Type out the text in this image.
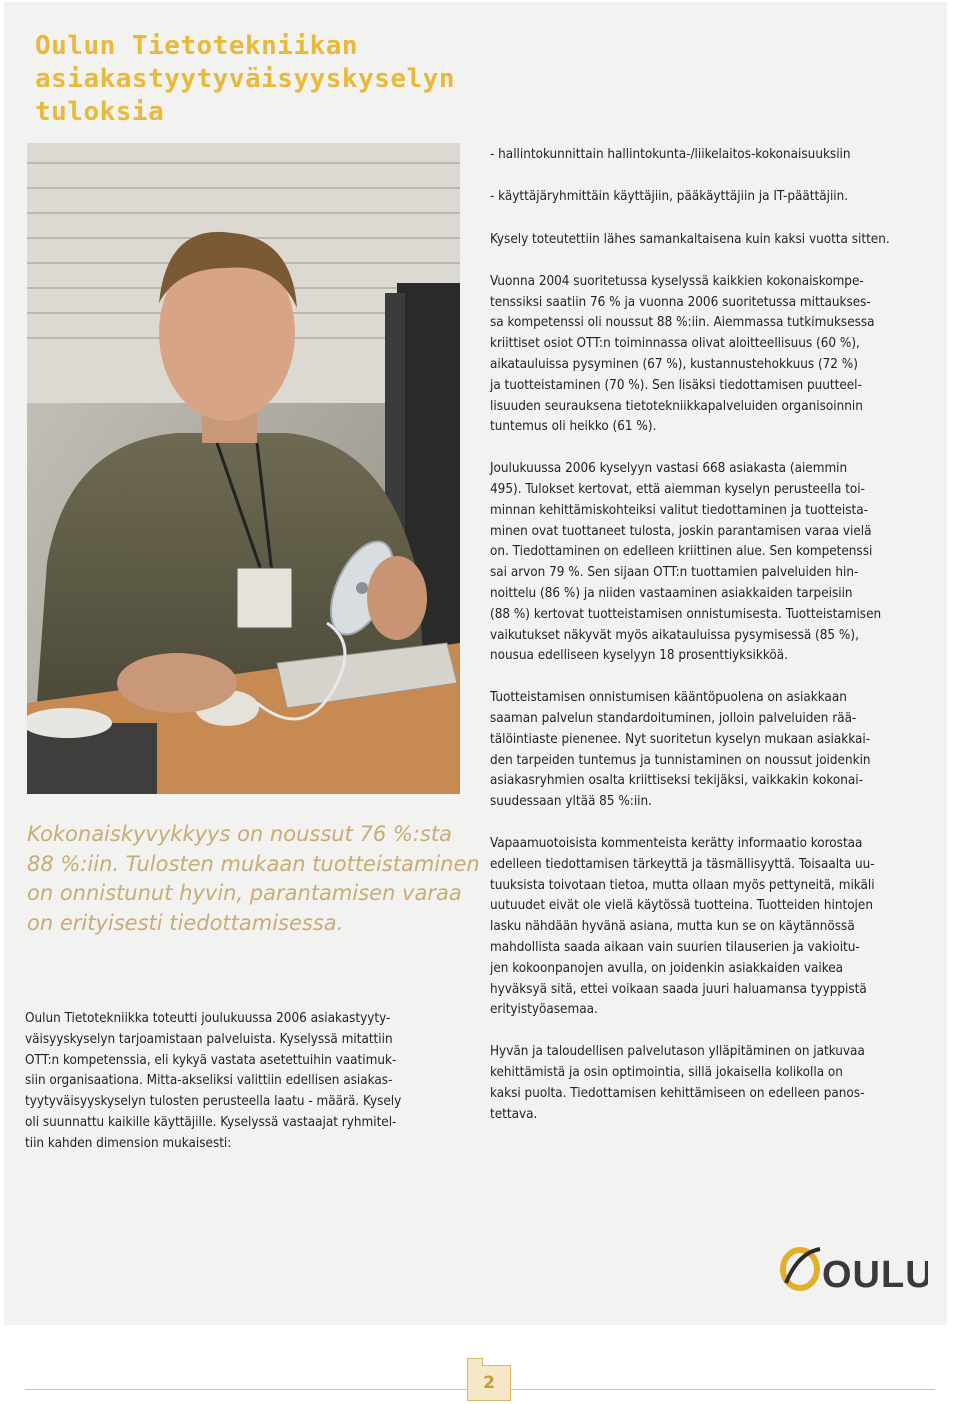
Oulun Tietotekniikan
asiakastyytyväisyyskyselyn
tuloksia
Kokonaiskyvykkyys on noussut 76 %:sta
88 %:iin. Tulosten mukaan tuotteistaminen
on onnistunut hyvin, parantamisen varaa
on erityisesti tiedottamisessa.
Oulun Tietotekniikka toteutti joulukuussa 2006 asiakastyyty-
väisyyskyselyn tarjoamistaan palveluista. Kyselyssä mitattiin
OTT:n kompetenssia, eli kykyä vastata asetettuihin vaatimuk-
siin organisaationa. Mitta-akseliksi valittiin edellisen asiakas-
tyytyväisyyskyselyn tulosten perusteella laatu - määrä. Kysely
oli suunnattu kaikille käyttäjille. Kyselyssä vastaajat ryhmitel-
tiin kahden dimension mukaisesti:
- hallintokunnittain hallintokunta-/liikelaitos-kokonaisuuksiin
- käyttäjäryhmittäin käyttäjiin, pääkäyttäjiin ja IT-päättäjiin.
Kysely toteutettiin lähes samankaltaisena kuin kaksi vuotta sitten.
Vuonna 2004 suoritetussa kyselyssä kaikkien kokonaiskompe-
tenssiksi saatiin 76 % ja vuonna 2006 suoritetussa mittaukses-
sa kompetenssi oli noussut 88 %:iin. Aiemmassa tutkimuksessa
kriittiset osiot OTT:n toiminnassa olivat aloitteellisuus (60 %),
aikatauluissa pysyminen (67 %), kustannustehokkuus (72 %)
ja tuotteistaminen (70 %). Sen lisäksi tiedottamisen puutteel-
lisuuden seurauksena tietotekniikkapalveluiden organisoinnin
tuntemus oli heikko (61 %).
Joulukuussa 2006 kyselyyn vastasi 668 asiakasta (aiemmin
495). Tulokset kertovat, että aiemman kyselyn perusteella toi-
minnan kehittämiskohteiksi valitut tiedottaminen ja tuotteista-
minen ovat tuottaneet tulosta, joskin parantamisen varaa vielä
on. Tiedottaminen on edelleen kriittinen alue. Sen kompetenssi
sai arvon 79 %. Sen sijaan OTT:n tuottamien palveluiden hin-
noittelu (86 %) ja niiden vastaaminen asiakkaiden tarpeisiin
(88 %) kertovat tuotteistamisen onnistumisesta. Tuotteistamisen
vaikutukset näkyvät myös aikatauluissa pysymisessä (85 %),
nousua edelliseen kyselyyn 18 prosenttiyksikköä.
Tuotteistamisen onnistumisen kääntöpuolena on asiakkaan
saaman palvelun standardoituminen, jolloin palveluiden rää-
tälöintiaste pienenee. Nyt suoritetun kyselyn mukaan asiakkai-
den tarpeiden tuntemus ja tunnistaminen on noussut joidenkin
asiakasryhmien osalta kriittiseksi tekijäksi, vaikkakin kokonai-
suudessaan yltää 85 %:iin.
Vapaamuotoisista kommenteista kerätty informaatio korostaa
edelleen tiedottamisen tärkeyttä ja täsmällisyyttä. Toisaalta uu-
tuuksista toivotaan tietoa, mutta ollaan myös pettyneitä, mikäli
uutuudet eivät ole vielä käytössä tuotteina. Tuotteiden hintojen
lasku nähdään hyvänä asiana, mutta kun se on käytännössä
mahdollista saada aikaan vain suurien tilauserien ja vakioitu-
jen kokoonpanojen avulla, on joidenkin asiakkaiden vaikea
hyväksyä sitä, ettei voikaan saada juuri haluamansa tyyppistä
erityistyöasemaa.
Hyvän ja taloudellisen palvelutason ylläpitäminen on jatkuvaa
kehittämistä ja osin optimointia, sillä jokaisella kolikolla on
kaksi puolta. Tiedottamisen kehittämiseen on edelleen panos-
tettava.
OULU
2
